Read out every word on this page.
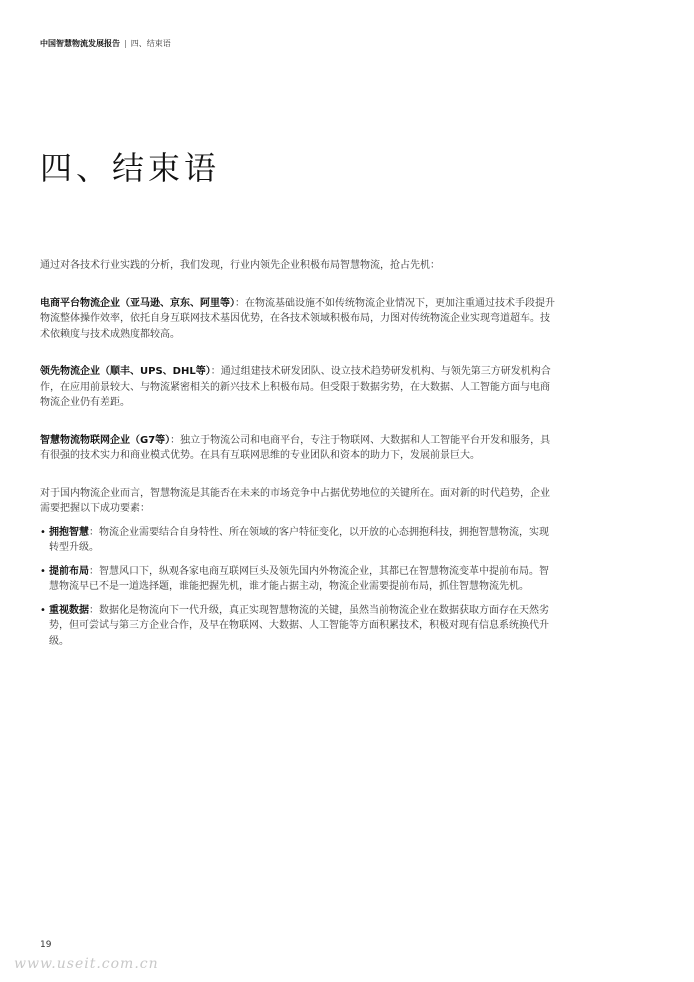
中国智慧物流发展报告 | 四、结束语
四、结束语

通过对各技术行业实践的分析，我们发现，行业内领先企业积极布局智慧物流，抢占先机：

电商平台物流企业（亚马逊、京东、阿里等）：在物流基础设施不如传统物流企业情况下，更加注重通过技术手段提升物流整体操作效率，依托自身互联网技术基因优势，在各技术领域积极布局，力图对传统物流企业实现弯道超车。技术依赖度与技术成熟度都较高。

领先物流企业（顺丰、UPS、DHL等）：通过组建技术研发团队、设立技术趋势研发机构、与领先第三方研发机构合作，在应用前景较大、与物流紧密相关的新兴技术上积极布局。但受限于数据劣势，在大数据、人工智能方面与电商物流企业仍有差距。

智慧物流物联网企业（G7等）：独立于物流公司和电商平台，专注于物联网、大数据和人工智能平台开发和服务，具有很强的技术实力和商业模式优势。在具有互联网思维的专业团队和资本的助力下，发展前景巨大。

对于国内物流企业而言，智慧物流是其能否在未来的市场竞争中占据优势地位的关键所在。面对新的时代趋势，企业需要把握以下成功要素：

• 拥抱智慧：物流企业需要结合自身特性、所在领域的客户特征变化，以开放的心态拥抱科技，拥抱智慧物流，实现转型升级。
• 提前布局：智慧风口下，纵观各家电商互联网巨头及领先国内外物流企业，其都已在智慧物流变革中提前布局。智慧物流早已不是一道选择题，谁能把握先机，谁才能占据主动，物流企业需要提前布局，抓住智慧物流先机。
• 重视数据：数据化是物流向下一代升级，真正实现智慧物流的关键，虽然当前物流企业在数据获取方面存在天然劣势，但可尝试与第三方企业合作，及早在物联网、大数据、人工智能等方面积累技术，积极对现有信息系统换代升级。
19
www.useit.com.cn
